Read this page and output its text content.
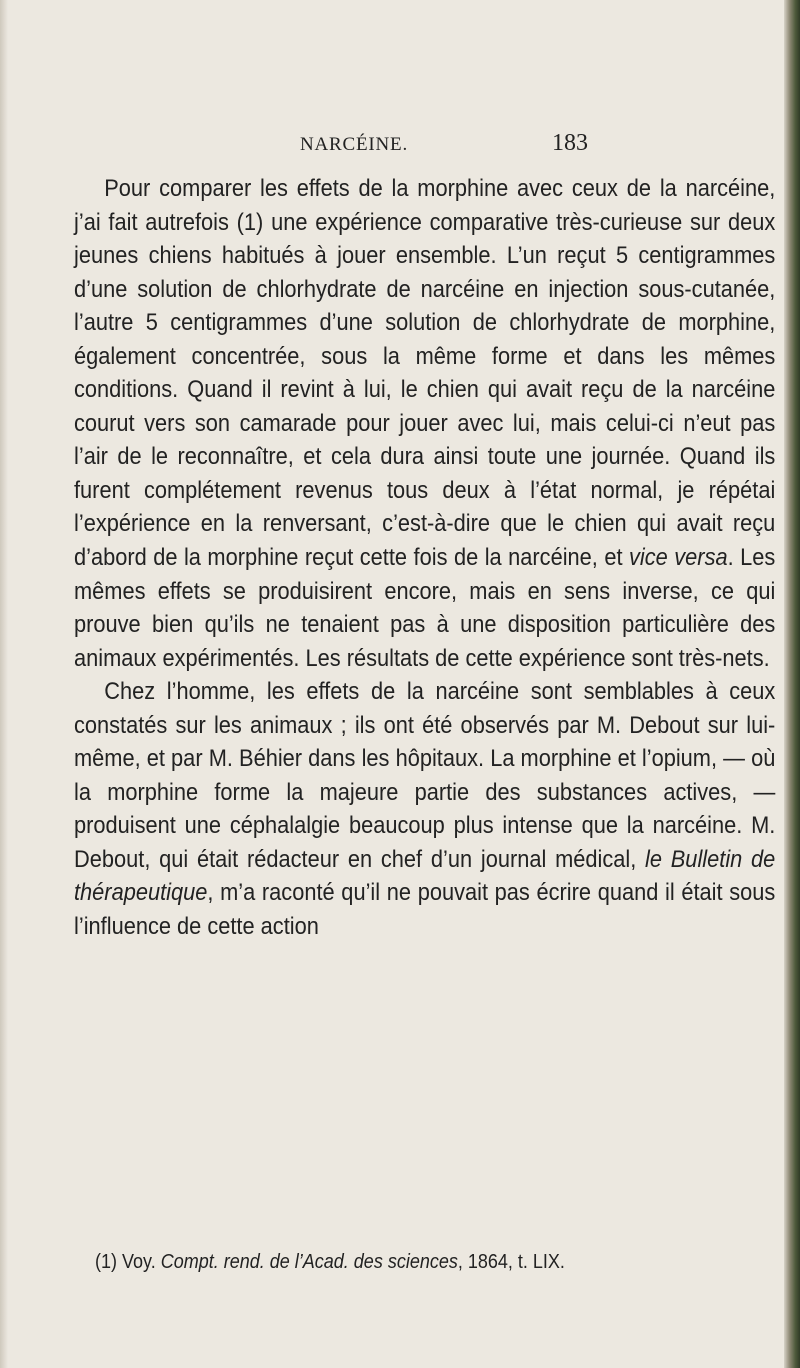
NARCÉINE.	183

Pour comparer les effets de la morphine avec ceux de la narcéine, j’ai fait autrefois (1) une expérience comparative très-curieuse sur deux jeunes chiens habitués à jouer ensemble. L’un reçut 5 centigrammes d’une solution de chlorhydrate de narcéine en injection sous-cutanée, l’autre 5 centigrammes d’une solution de chlorhydrate de morphine, également concentrée, sous la même forme et dans les mêmes conditions. Quand il revint à lui, le chien qui avait reçu de la narcéine courut vers son camarade pour jouer avec lui, mais celui-ci n’eut pas l’air de le reconnaître, et cela dura ainsi toute une journée. Quand ils furent complétement revenus tous deux à l’état normal, je répétai l’expérience en la renversant, c’est-à-dire que le chien qui avait reçu d’abord de la morphine reçut cette fois de la narcéine, et vice versa. Les mêmes effets se produisirent encore, mais en sens inverse, ce qui prouve bien qu’ils ne tenaient pas à une disposition particulière des animaux expérimentés. Les résultats de cette expérience sont très-nets.

Chez l’homme, les effets de la narcéine sont semblables à ceux constatés sur les animaux ; ils ont été observés par M. Debout sur lui-même, et par M. Béhier dans les hôpitaux. La morphine et l’opium, — où la morphine forme la majeure partie des substances actives, — produisent une céphalalgie beaucoup plus intense que la narcéine. M. Debout, qui était rédacteur en chef d’un journal médical, le Bulletin de thérapeutique, m’a raconté qu’il ne pouvait pas écrire quand il était sous l’influence de cette action

(1) Voy. Compt. rend. de l’Acad. des sciences, 1864, t. LIX.
